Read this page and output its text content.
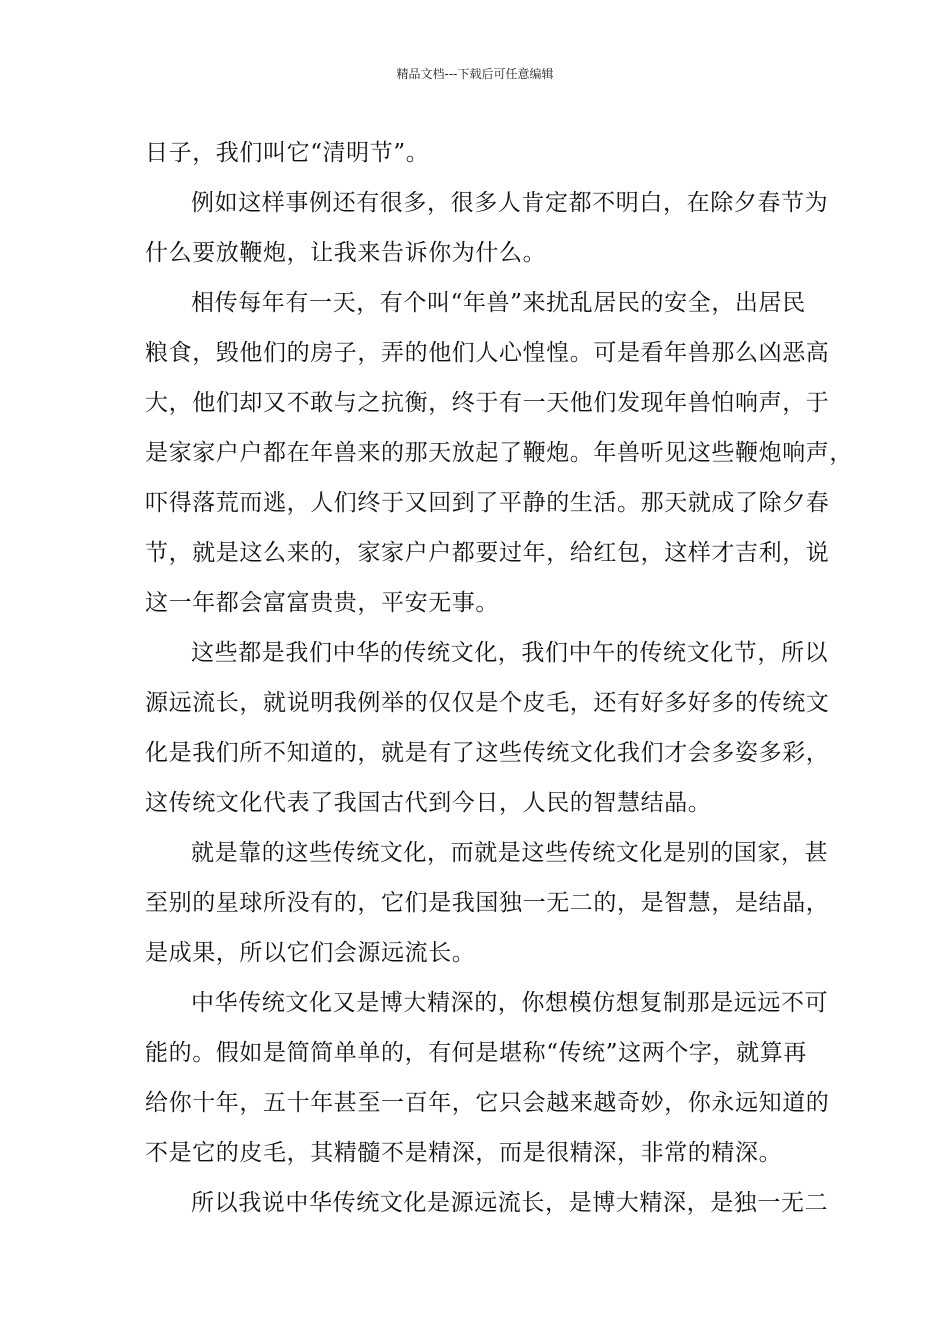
精品文档---下载后可任意编辑
日子，我们叫它“清明节”。
例如这样事例还有很多，很多人肯定都不明白，在除夕春节为
什么要放鞭炮，让我来告诉你为什么。
相传每年有一天，有个叫“年兽”来扰乱居民的安全，出居民
粮食，毁他们的房子，弄的他们人心惶惶。可是看年兽那么凶恶高
大，他们却又不敢与之抗衡，终于有一天他们发现年兽怕响声，于
是家家户户都在年兽来的那天放起了鞭炮。年兽听见这些鞭炮响声，
吓得落荒而逃，人们终于又回到了平静的生活。那天就成了除夕春
节，就是这么来的，家家户户都要过年，给红包，这样才吉利，说
这一年都会富富贵贵，平安无事。
这些都是我们中华的传统文化，我们中午的传统文化节，所以
源远流长，就说明我例举的仅仅是个皮毛，还有好多好多的传统文
化是我们所不知道的，就是有了这些传统文化我们才会多姿多彩，
这传统文化代表了我国古代到今日，人民的智慧结晶。
就是靠的这些传统文化，而就是这些传统文化是别的国家，甚
至别的星球所没有的，它们是我国独一无二的，是智慧，是结晶，
是成果，所以它们会源远流长。
中华传统文化又是博大精深的，你想模仿想复制那是远远不可
能的。假如是简简单单的，有何是堪称“传统”这两个字，就算再
给你十年，五十年甚至一百年，它只会越来越奇妙，你永远知道的
不是它的皮毛，其精髓不是精深，而是很精深，非常的精深。
所以我说中华传统文化是源远流长，是博大精深，是独一无二
